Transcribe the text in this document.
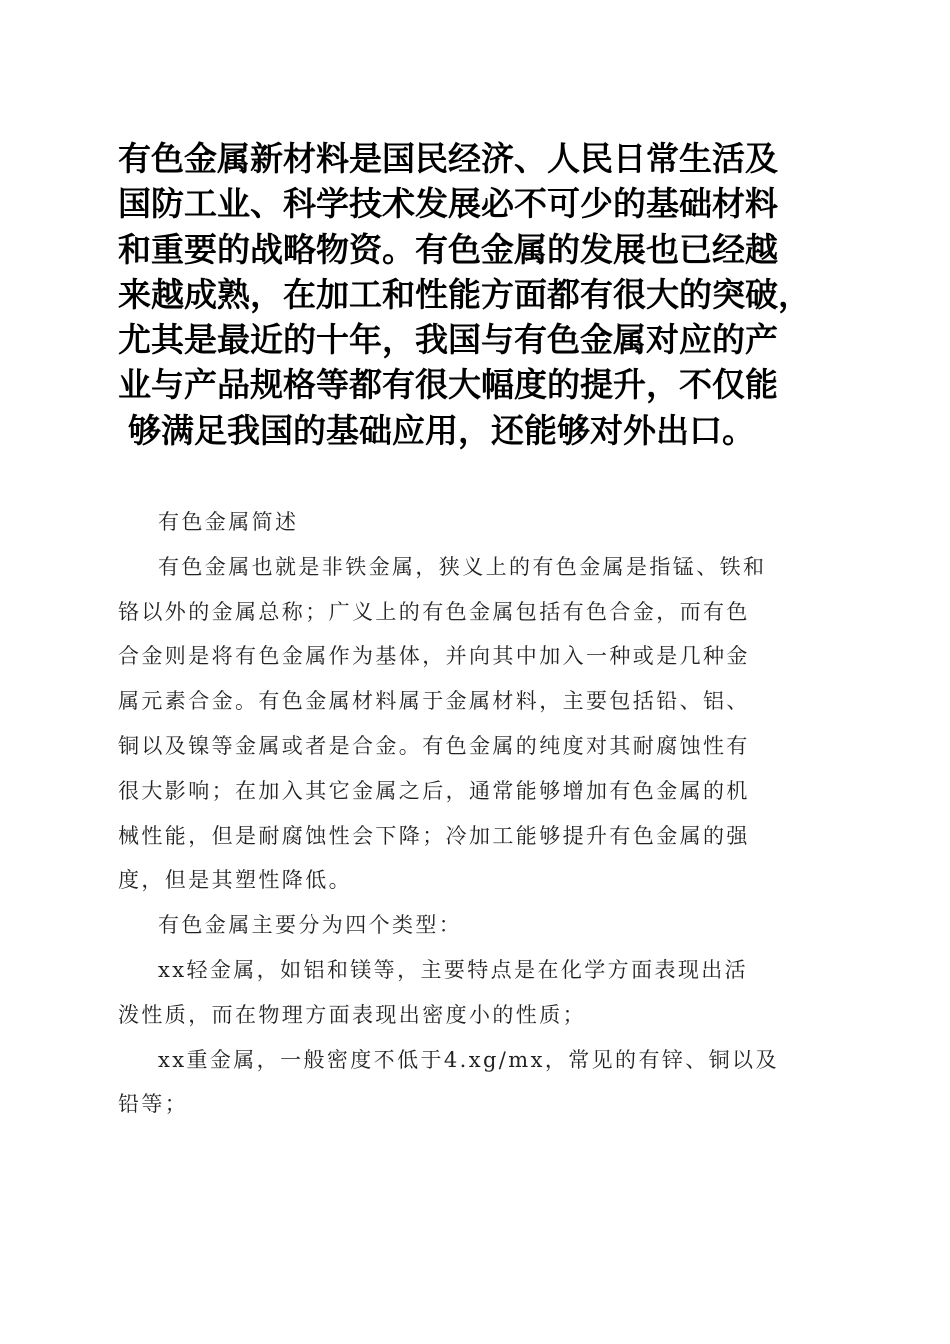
有色金属新材料是国民经济、人民日常生活及
国防工业、科学技术发展必不可少的基础材料
和重要的战略物资。有色金属的发展也已经越
来越成熟，在加工和性能方面都有很大的突破，
尤其是最近的十年，我国与有色金属对应的产
业与产品规格等都有很大幅度的提升，不仅能
够满足我国的基础应用，还能够对外出口。
有色金属简述
有色金属也就是非铁金属，狭义上的有色金属是指锰、铁和
铬以外的金属总称；广义上的有色金属包括有色合金，而有色
合金则是将有色金属作为基体，并向其中加入一种或是几种金
属元素合金。有色金属材料属于金属材料，主要包括铅、铝、
铜以及镍等金属或者是合金。有色金属的纯度对其耐腐蚀性有
很大影响；在加入其它金属之后，通常能够增加有色金属的机
械性能，但是耐腐蚀性会下降；冷加工能够提升有色金属的强
度，但是其塑性降低。
有色金属主要分为四个类型：
xx轻金属，如铝和镁等，主要特点是在化学方面表现出活
泼性质，而在物理方面表现出密度小的性质；
xx重金属，一般密度不低于4.xg/mx，常见的有锌、铜以及
铅等；
